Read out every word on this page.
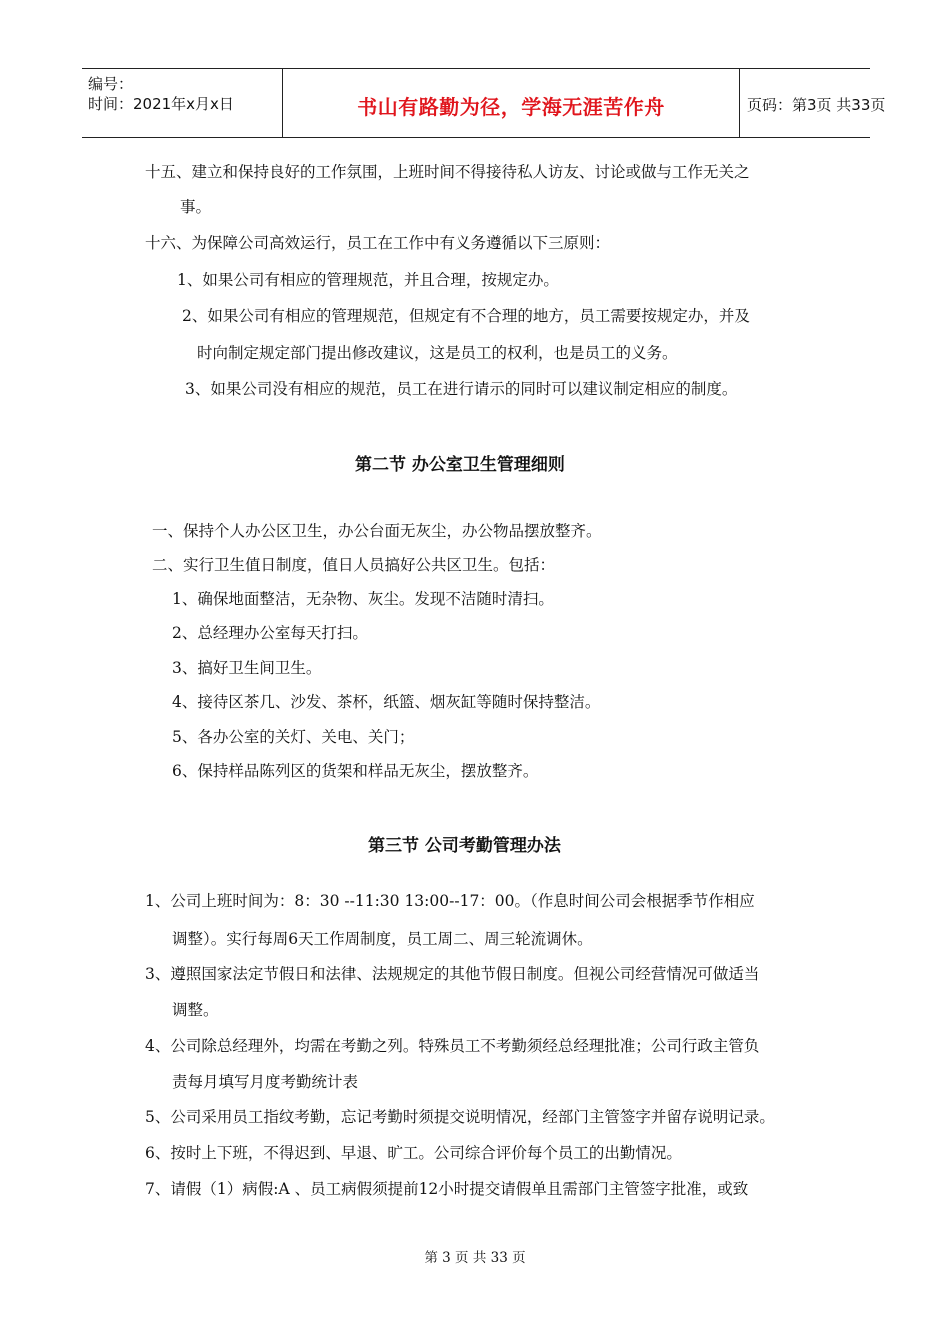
编号：
时间：2021年x月x日	书山有路勤为径，学海无涯苦作舟	页码：第3页 共33页
十五、建立和保持良好的工作氛围，上班时间不得接待私人访友、讨论或做与工作无关之
事。
十六、为保障公司高效运行，员工在工作中有义务遵循以下三原则：
1、如果公司有相应的管理规范，并且合理，按规定办。
2、如果公司有相应的管理规范，但规定有不合理的地方，员工需要按规定办，并及
时向制定规定部门提出修改建议，这是员工的权利，也是员工的义务。
3、如果公司没有相应的规范，员工在进行请示的同时可以建议制定相应的制度。
第二节 办公室卫生管理细则
一、保持个人办公区卫生，办公台面无灰尘，办公物品摆放整齐。
二、实行卫生值日制度，值日人员搞好公共区卫生。包括：
1、确保地面整洁，无杂物、灰尘。发现不洁随时清扫。
2、总经理办公室每天打扫。
3、搞好卫生间卫生。
4、接待区茶几、沙发、茶杯，纸篮、烟灰缸等随时保持整洁。
5、各办公室的关灯、关电、关门；
6、保持样品陈列区的货架和样品无灰尘，摆放整齐。
第三节 公司考勤管理办法
1、公司上班时间为：8：30 --11:30 13:00--17：00。（作息时间公司会根据季节作相应
调整）。实行每周6天工作周制度，员工周二、周三轮流调休。
3、遵照国家法定节假日和法律、法规规定的其他节假日制度。但视公司经营情况可做适当
调整。
4、公司除总经理外，均需在考勤之列。特殊员工不考勤须经总经理批准；公司行政主管负
责每月填写月度考勤统计表
5、公司采用员工指纹考勤，忘记考勤时须提交说明情况，经部门主管签字并留存说明记录。
6、按时上下班，不得迟到、早退、旷工。公司综合评价每个员工的出勤情况。
7、请假（1）病假:A 、员工病假须提前12小时提交请假单且需部门主管签字批准，或致
第 3 页 共 33 页
